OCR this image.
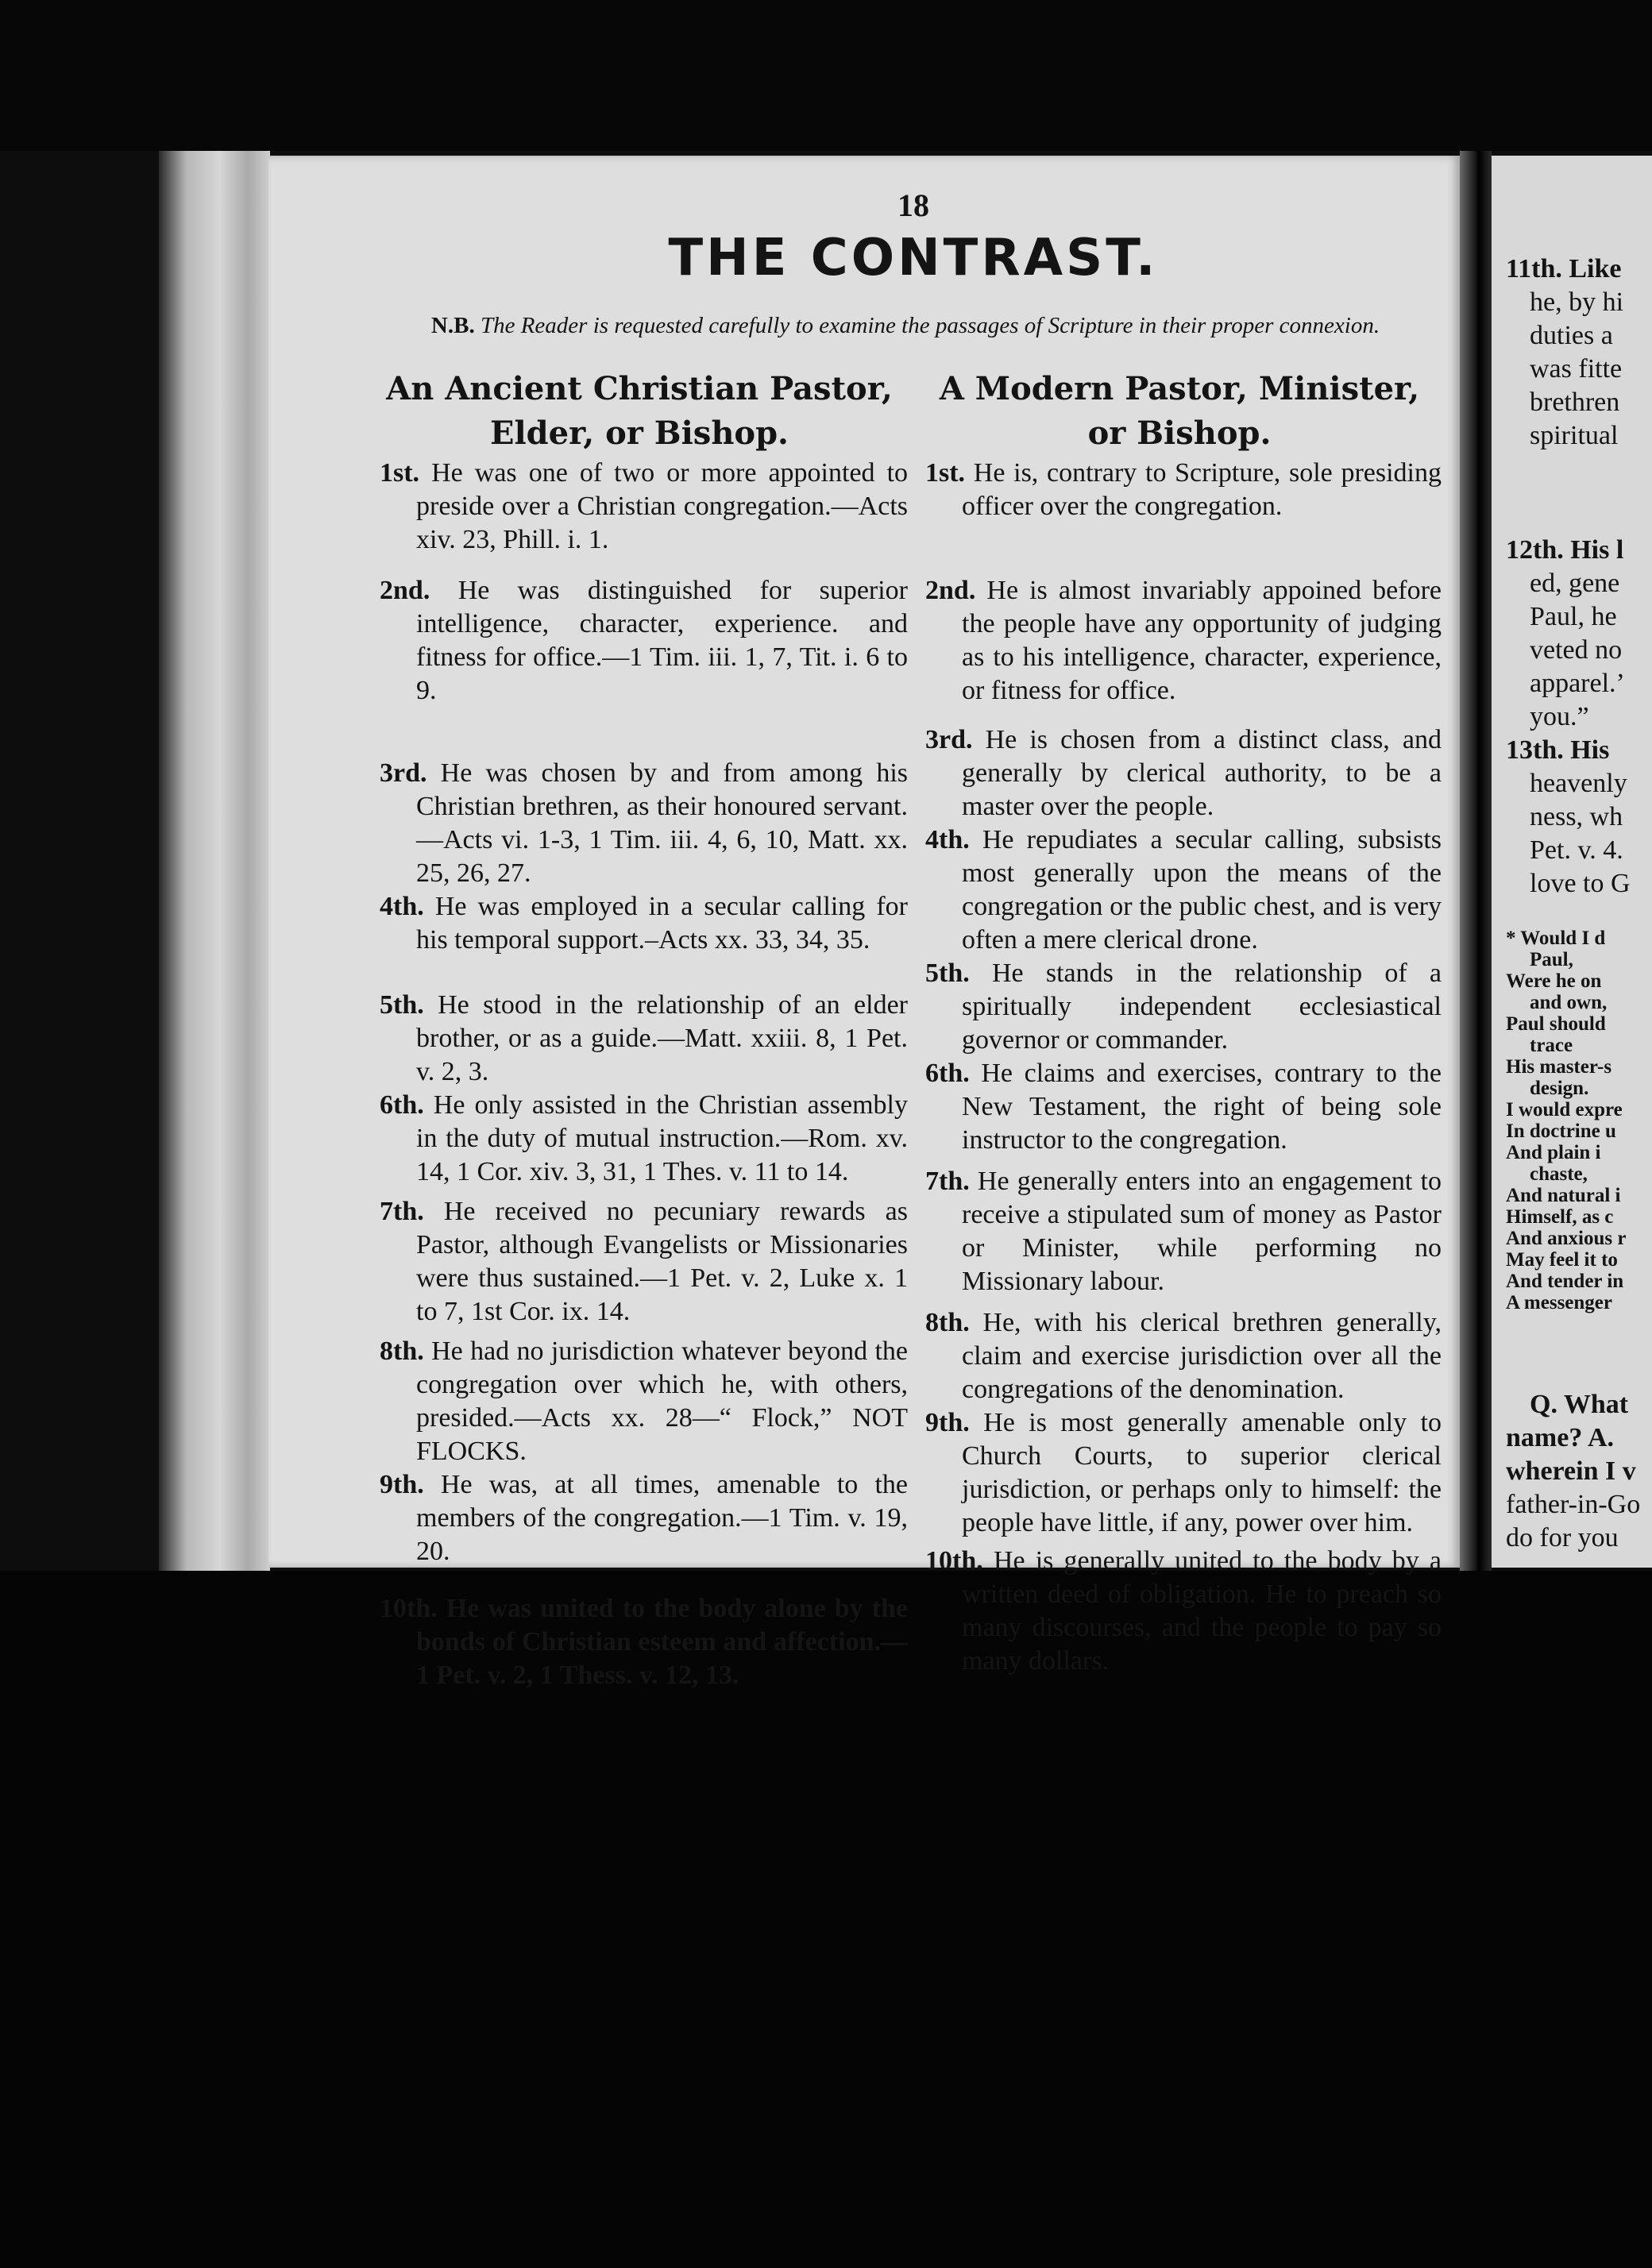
18
THE CONTRAST.
N.B. The Reader is requested carefully to examine the passages of Scripture in their proper connexion.
An Ancient Christian Pastor,
Elder, or Bishop.
A Modern Pastor, Minister,
or Bishop.

1st. He was one of two or more appointed to preside over a Christian congregation.—Acts xiv. 23, Phill. i. 1.

2nd. He was distinguished for superior intelligence, character, experience. and fitness for office.—1 Tim. iii. 1, 7, Tit. i. 6 to 9.

3rd. He was chosen by and from among his Christian brethren, as their honoured servant.—Acts vi. 1-3, 1 Tim. iii. 4, 6, 10, Matt. xx. 25, 26, 27.

4th. He was employed in a secular calling for his temporal support.–Acts xx. 33, 34, 35.

5th. He stood in the relationship of an elder brother, or as a guide.—Matt. xxiii. 8, 1 Pet. v. 2, 3.

6th. He only assisted in the Christian assembly in the duty of mutual instruction.—Rom. xv. 14, 1 Cor. xiv. 3, 31, 1 Thes. v. 11 to 14.

7th. He received no pecuniary rewards as Pastor, although Evangelists or Missionaries were thus sustained.—1 Pet. v. 2, Luke x. 1 to 7, 1st Cor. ix. 14.

8th. He had no jurisdiction whatever beyond the congregation over which he, with others, presided.—Acts xx. 28—“ Flock,” NOT FLOCKS.

9th. He was, at all times, amenable to the members of the congregation.—1 Tim. v. 19, 20.

10th. He was united to the body alone by the bonds of Christian esteem and affection.—1 Pet. v. 2, 1 Thess. v. 12, 13.

1st. He is, contrary to Scripture, sole presiding officer over the congregation.

2nd. He is almost invariably appoined before the people have any opportunity of judging as to his intelligence, character, experience, or fitness for office.

3rd. He is chosen from a distinct class, and generally by clerical authority, to be a master over the people.

4th. He repudiates a secular calling, subsists most generally upon the means of the congregation or the public chest, and is very often a mere clerical drone.

5th. He stands in the relationship of a spiritually independent ecclesiastical governor or commander.

6th. He claims and exercises, contrary to the New Testament, the right of being sole instructor to the congregation.

7th. He generally enters into an engagement to receive a stipulated sum of money as Pastor or Minister, while performing no Missionary labour.

8th. He, with his clerical brethren generally, claim and exercise jurisdiction over all the congregations of the denomination.

9th. He is most generally amenable only to Church Courts, to superior clerical jurisdiction, or perhaps only to himself: the people have little, if any, power over him.

10th. He is generally united to the body by a written deed of obligation. He to preach so many discourses, and the people to pay so many dollars.

11th. Like
he, by hi
duties a
was fitte
brethren
spiritual
12th. His l
ed, gene
Paul, he
veted no
apparel.’
you.”
13th. His
heavenly
ness, wh
Pet. v. 4.
love to G
* Would I d
Paul,
Were he on
and own,
Paul should
trace
His master-s
design.
I would expre
In doctrine u
And plain i
chaste,
And natural i
Himself, as c
And anxious r
May feel it to
And tender in
A messenger
Q. What
name? A.
wherein I v
father-in-Go
do for you
